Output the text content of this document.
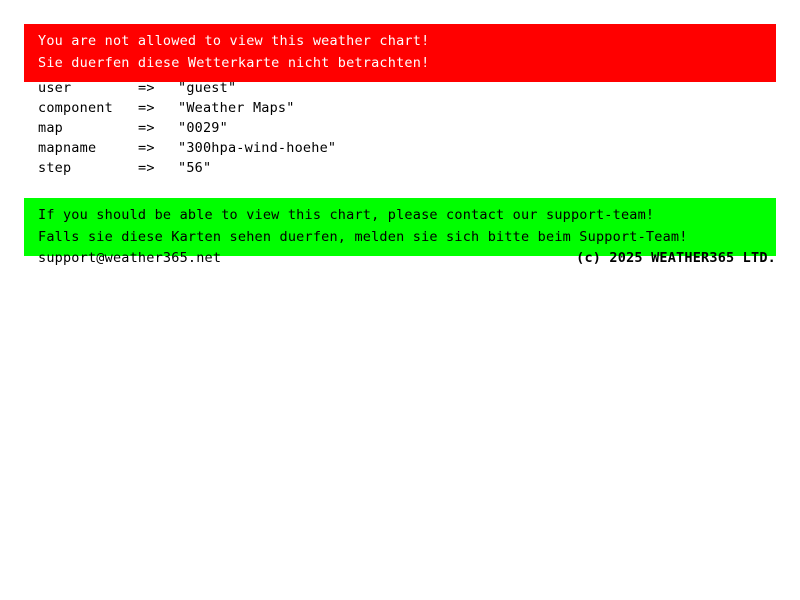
You are not allowed to view this weather chart!
Sie duerfen diese Wetterkarte nicht betrachten!
user	=>	"guest"
component	=>	"Weather Maps"
map	=>	"0029"
mapname	=>	"300hpa-wind-hoehe"
step	=>	"56"
If you should be able to view this chart, please contact our support-team!
Falls sie diese Karten sehen duerfen, melden sie sich bitte beim Support-Team!
support@weather365.net	(c) 2025 WEATHER365 LTD.
